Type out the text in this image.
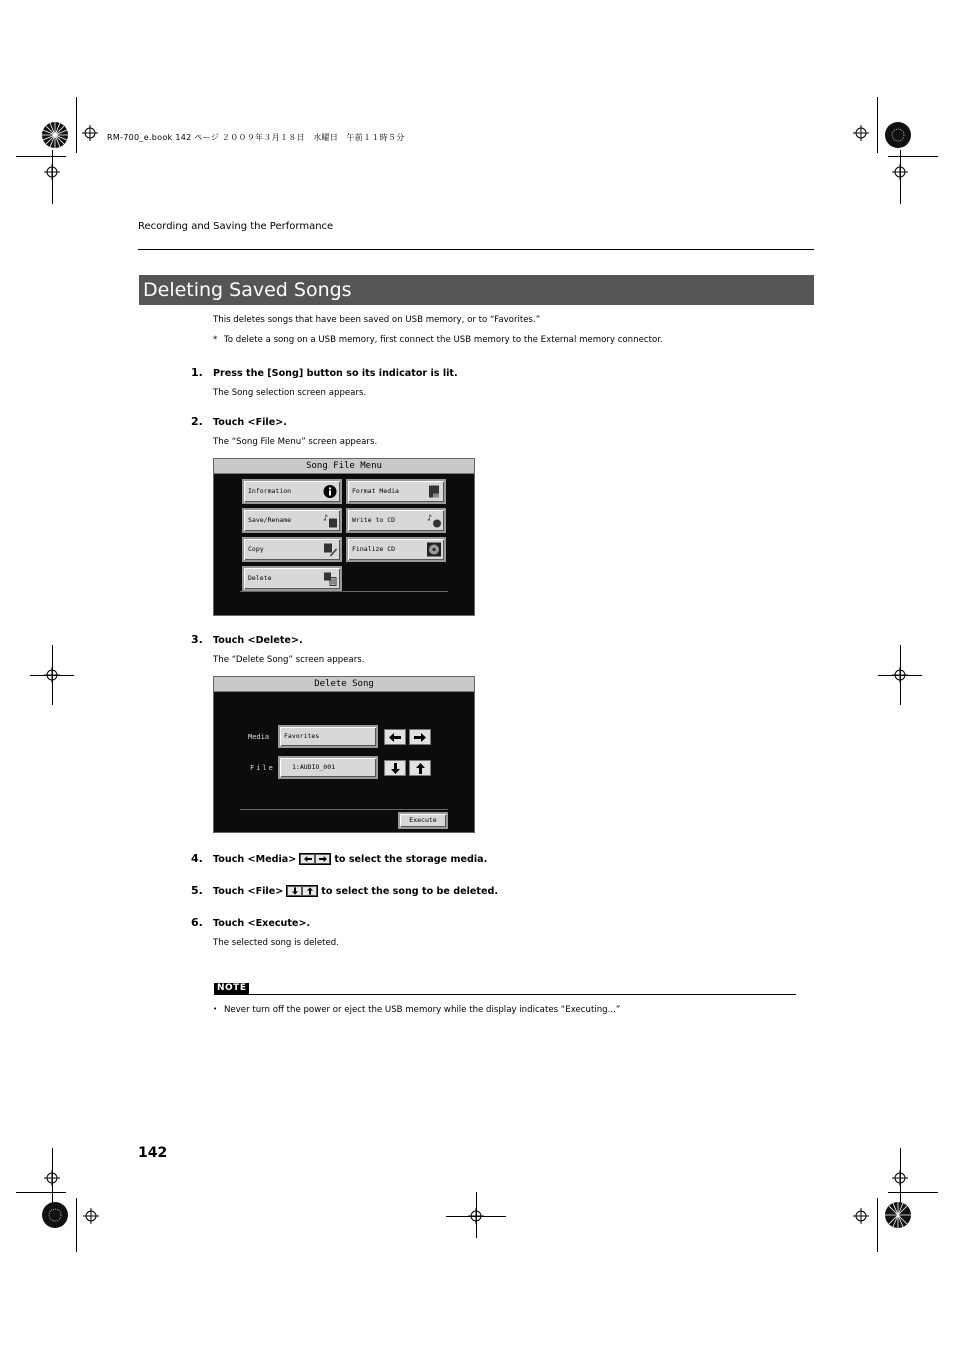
RM-700_e.book 142 ページ ２００９年３月１８日　水曜日　午前１１時５分
Recording and Saving the Performance
Deleting Saved Songs
This deletes songs that have been saved on USB memory, or to “Favorites.”
* To delete a song on a USB memory, first connect the USB memory to the External memory connector.
1. Press the [Song] button so its indicator is lit.
The Song selection screen appears.
2. Touch <File>.
The “Song File Menu” screen appears.
Song File Menu
Information	Format Media
Save/Rename	♪	Write to CD	♪
Copy	Finalize CD
Delete
3. Touch <Delete>.
The “Delete Song” screen appears.
Delete Song
Media	Favorites
File	1:AUDIO_001
Execute
4. Touch <Media>	to select the storage media.
5. Touch <File>	to select the song to be deleted.
6. Touch <Execute>.
The selected song is deleted.
NOTE
• Never turn off the power or eject the USB memory while the display indicates “Executing...”
142
